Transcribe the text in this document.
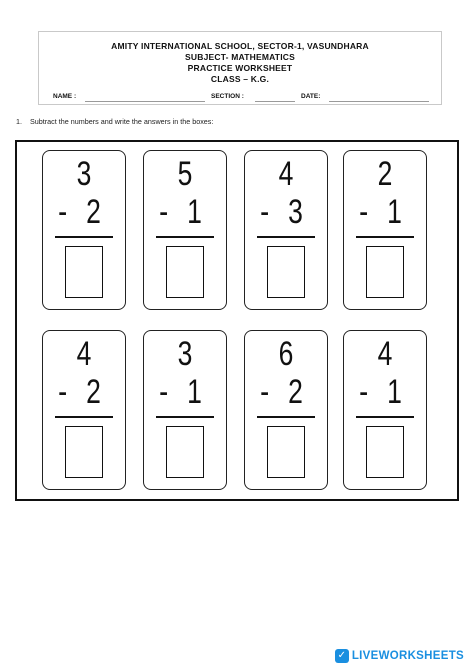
AMITY INTERNATIONAL SCHOOL, SECTOR-1, VASUNDHARA
SUBJECT- MATHEMATICS
PRACTICE WORKSHEET
CLASS – K.G.
NAME :	SECTION :	DATE:
1. Subtract the numbers and write the answers in the boxes:
3
- 2
5
- 1
4
- 3
2
- 1
4
- 2
3
- 1
6
- 2
4
- 1
✓ LIVEWORKSHEETS
